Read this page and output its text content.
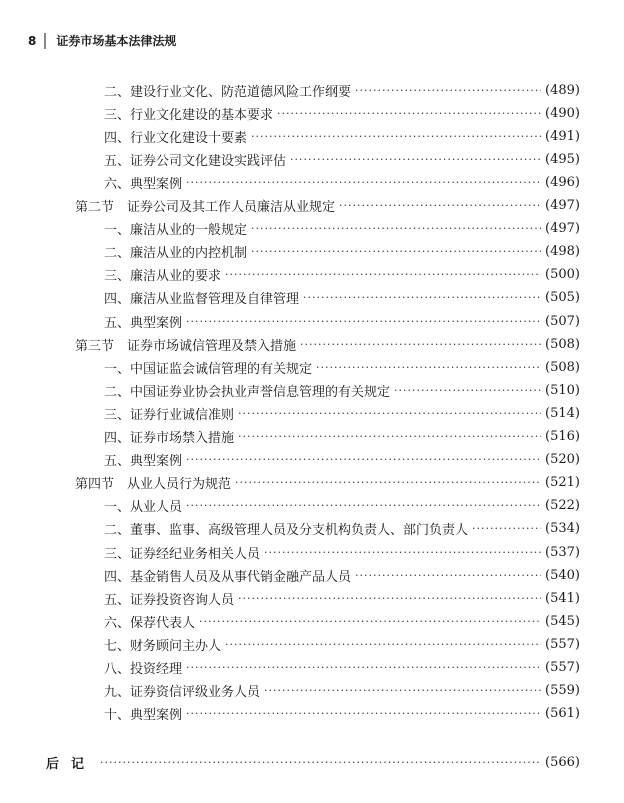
8 证券市场基本法律法规
二、建设行业文化、防范道德风险工作纲要 ·····	(489)
三、行业文化建设的基本要求 ·····	(490)
四、行业文化建设十要素 ·····	(491)
五、证券公司文化建设实践评估 ·····	(495)
六、典型案例 ·····	(496)
第二节　证券公司及其工作人员廉洁从业规定 ·····	(497)
一、廉洁从业的一般规定 ·····	(497)
二、廉洁从业的内控机制 ·····	(498)
三、廉洁从业的要求 ·····	(500)
四、廉洁从业监督管理及自律管理 ·····	(505)
五、典型案例 ·····	(507)
第三节　证券市场诚信管理及禁入措施 ·····	(508)
一、中国证监会诚信管理的有关规定 ·····	(508)
二、中国证券业协会执业声誉信息管理的有关规定 ·····	(510)
三、证券行业诚信准则 ·····	(514)
四、证券市场禁入措施 ·····	(516)
五、典型案例 ·····	(520)
第四节　从业人员行为规范 ·····	(521)
一、从业人员 ·····	(522)
二、董事、监事、高级管理人员及分支机构负责人、部门负责人 ·····	(534)
三、证券经纪业务相关人员 ·····	(537)
四、基金销售人员及从事代销金融产品人员 ·····	(540)
五、证券投资咨询人员 ·····	(541)
六、保荐代表人 ·····	(545)
七、财务顾问主办人 ·····	(557)
八、投资经理 ·····	(557)
九、证券资信评级业务人员 ·····	(559)
十、典型案例 ·····	(561)
后记 ·····	(566)
